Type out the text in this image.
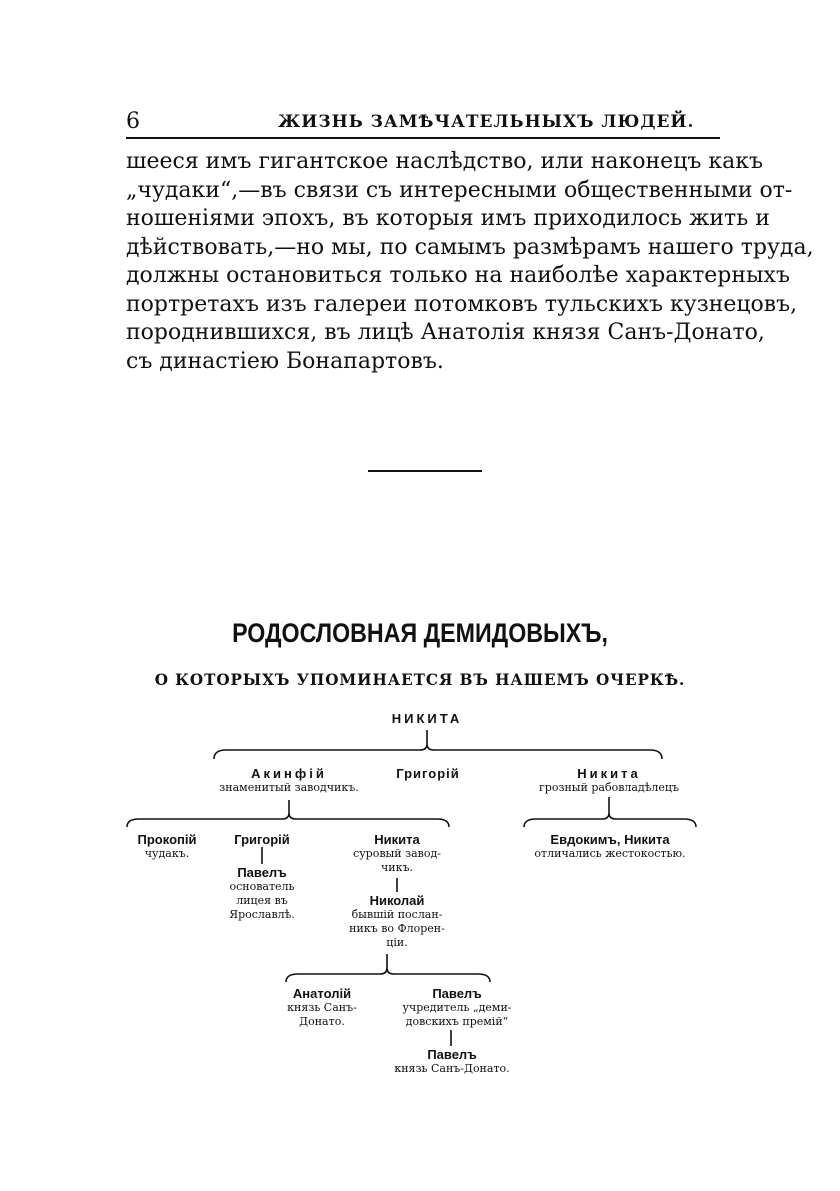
6	ЖИЗНЬ ЗАМѢЧАТЕЛЬНЫХЪ ЛЮДЕЙ.
шееся имъ гигантское наслѣдство, или наконецъ какъ
„чудаки“,—въ связи съ интересными общественными от-
ношеніями эпохъ, въ которыя имъ приходилось жить и
дѣйствовать,—но мы, по самымъ размѣрамъ нашего труда,
должны остановиться только на наиболѣе характерныхъ
портретахъ изъ галереи потомковъ тульскихъ кузнецовъ,
породнившихся, въ лицѣ Анатолія князя Санъ-Донато,
съ династіею Бонапартовъ.
РОДОСЛОВНАЯ ДЕМИДОВЫХЪ,
О КОТОРЫХЪ УПОМИНАЕТСЯ ВЪ НАШЕМЪ ОЧЕРКѢ.
НИКИТА
Акинфій
знаменитый заводчикъ.
Григорій	Никита
грозный рабовладѣлецъ
Прокопій
чудакъ.
Григорій	Никита
суровый завод-
чикъ.
Евдокимъ, Никита
отличались жестокостью.
Павелъ
основатель
лицея въ
Ярославлѣ.
Николай
бывшій послан-
никъ во Флорен-
ціи.
Анатолій
князь Санъ-
Донато.
Павелъ
учредитель „деми-
довскихъ премій“
Павелъ
князь Санъ-Донато.
